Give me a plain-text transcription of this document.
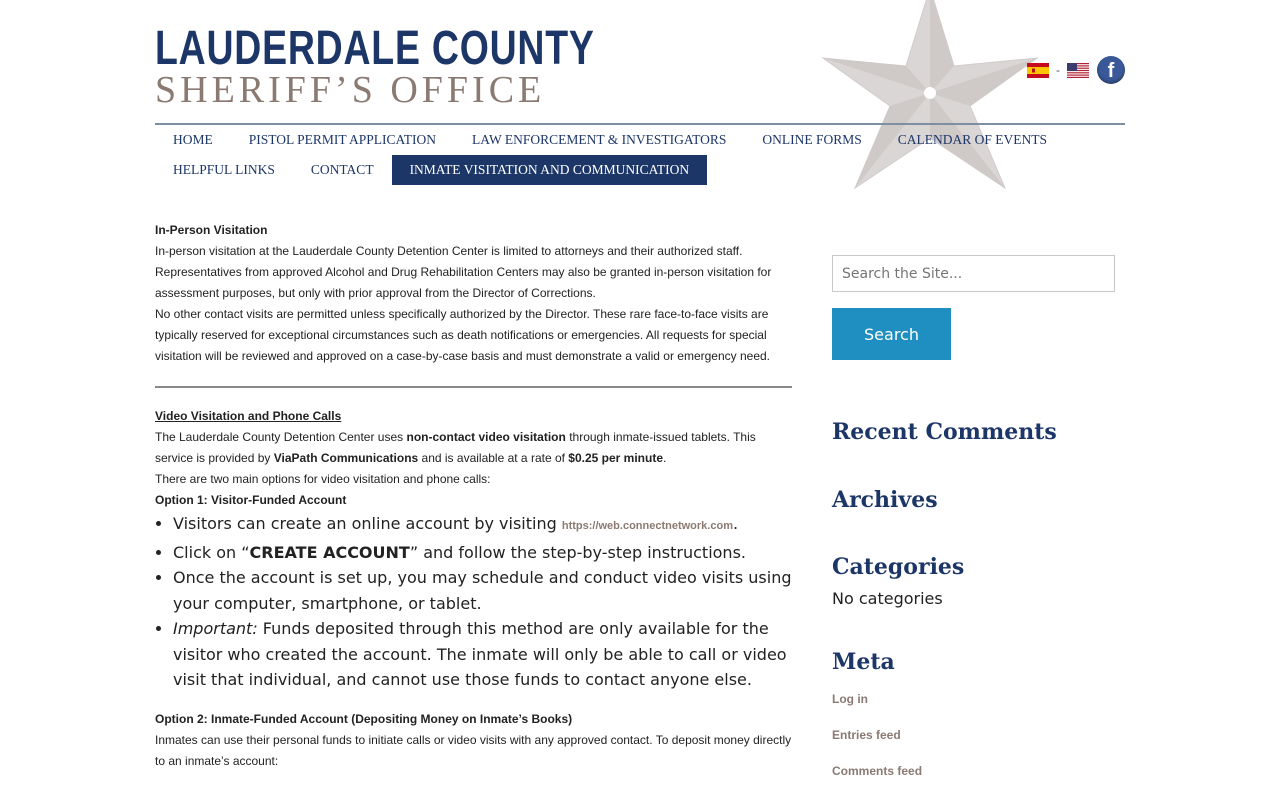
LAUDERDALE COUNTY
SHERIFF’S OFFICE	-	f
HOME	PISTOL PERMIT APPLICATION	LAW ENFORCEMENT & INVESTIGATORS	ONLINE FORMS	CALENDAR OF EVENTS
HELPFUL LINKS	CONTACT	INMATE VISITATION AND COMMUNICATION

In-Person Visitation

In-person visitation at the Lauderdale County Detention Center is limited to attorneys and their authorized staff. Representatives from approved Alcohol and Drug Rehabilitation Centers may also be granted in-person visitation for assessment purposes, but only with prior approval from the Director of Corrections.

No other contact visits are permitted unless specifically authorized by the Director. These rare face-to-face visits are typically reserved for exceptional circumstances such as death notifications or emergencies. All requests for special visitation will be reviewed and approved on a case-by-case basis and must demonstrate a valid or emergency need.

Video Visitation and Phone Calls

The Lauderdale County Detention Center uses non-contact video visitation through inmate-issued tablets. This service is provided by ViaPath Communications and is available at a rate of $0.25 per minute.

There are two main options for video visitation and phone calls:

Option 1: Visitor-Funded Account

• Visitors can create an online account by visiting https://web.connectnetwork.com.
• Click on “CREATE ACCOUNT” and follow the step-by-step instructions.
• Once the account is set up, you may schedule and conduct video visits using your computer, smartphone, or tablet.
• Important: Funds deposited through this method are only available for the visitor who created the account. The inmate will only be able to call or video visit that individual, and cannot use those funds to contact anyone else.

Option 2: Inmate-Funded Account (Depositing Money on Inmate’s Books)

Inmates can use their personal funds to initiate calls or video visits with any approved contact. To deposit money directly to an inmate’s account:

Search the Site... Search
Recent Comments
Archives
Categories
No categories
Meta
Log in
Entries feed
Comments feed
